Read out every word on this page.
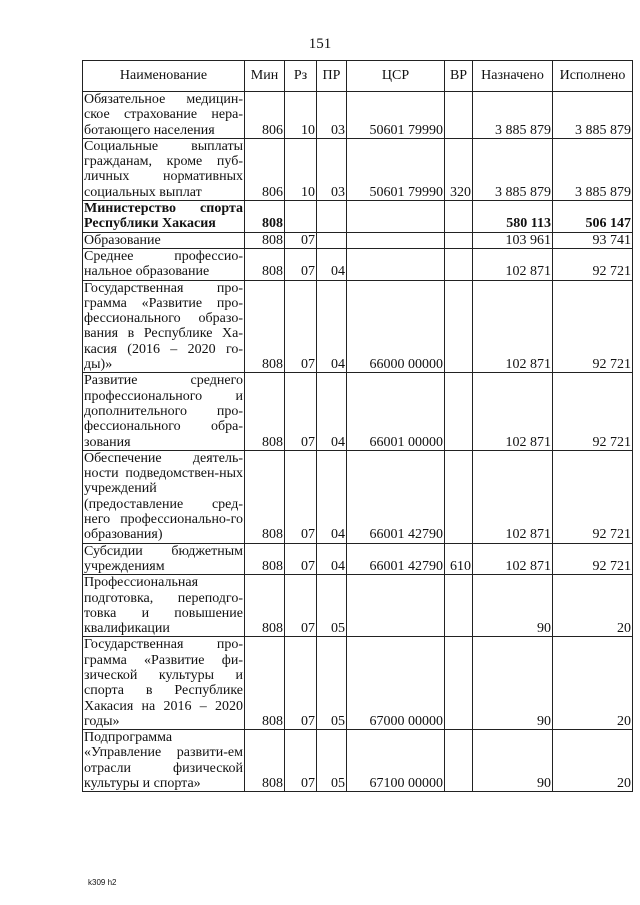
151
Наименование	Мин	Рз	ПР	ЦСР	ВР	Назначено	Исполнено
Обязательное медицин-ское страхование нера-ботающего населения	806	10	03	50601 79990		3 885 879	3 885 879
Социальные выплаты гражданам, кроме пуб-личных нормативных социальных выплат	806	10	03	50601 79990	320	3 885 879	3 885 879
Министерство спорта Республики Хакасия	808					580 113	506 147
Образование	808	07				103 961	93 741
Среднее профессио-нальное образование	808	07	04			102 871	92 721
Государственная про-грамма «Развитие про-фессионального образо-вания в Республике Ха-касия (2016 – 2020 го-ды)»	808	07	04	66000 00000		102 871	92 721
Развитие среднего профессионального и дополнительного про-фессионального обра-зования	808	07	04	66001 00000		102 871	92 721
Обеспечение деятель-ности подведомствен-ных учреждений (предоставление сред-него профессионально-го образования)	808	07	04	66001 42790		102 871	92 721
Субсидии бюджетным учреждениям	808	07	04	66001 42790	610	102 871	92 721
Профессиональная подготовка, переподго-товка и повышение квалификации	808	07	05			90	20
Государственная про-грамма «Развитие фи-зической культуры и спорта в Республике Хакасия на 2016 – 2020 годы»	808	07	05	67000 00000		90	20
Подпрограмма «Управление развити-ем отрасли физической культуры и спорта»	808	07	05	67100 00000		90	20
k309 h2
